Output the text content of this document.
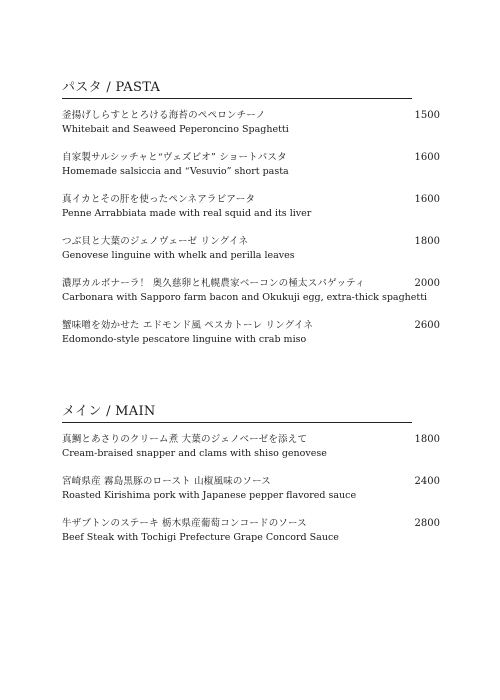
パスタ / PASTA
釜揚げしらすととろける海苔のペペロンチーノ
Whitebait and Seaweed Peperoncino Spaghetti
1500
自家製サルシッチャと“ヴェズビオ” ショートパスタ
Homemade salsiccia and “Vesuvio” short pasta
1600
真イカとその肝を使ったペンネアラビアータ
Penne Arrabbiata made with real squid and its liver
1600
つぶ貝と大葉のジェノヴェーゼ リングイネ
Genovese linguine with whelk and perilla leaves
1800
濃厚カルボナーラ！ 奥久慈卵と札幌農家ベーコンの極太スパゲッティ
Carbonara with Sapporo farm bacon and Okukuji egg, extra-thick spaghetti
2000
蟹味噌を効かせた エドモンド風 ペスカトーレ リングイネ
Edomondo-style pescatore linguine with crab miso
2600
メイン / MAIN
真鯛とあさりのクリーム煮 大葉のジェノベーゼを添えて
Cream-braised snapper and clams with shiso genovese
1800
宮崎県産 霧島黒豚のロースト 山椒風味のソース
Roasted Kirishima pork with Japanese pepper flavored sauce
2400
牛ザブトンのステーキ 栃木県産葡萄コンコードのソース
Beef Steak with Tochigi Prefecture Grape Concord Sauce
2800
